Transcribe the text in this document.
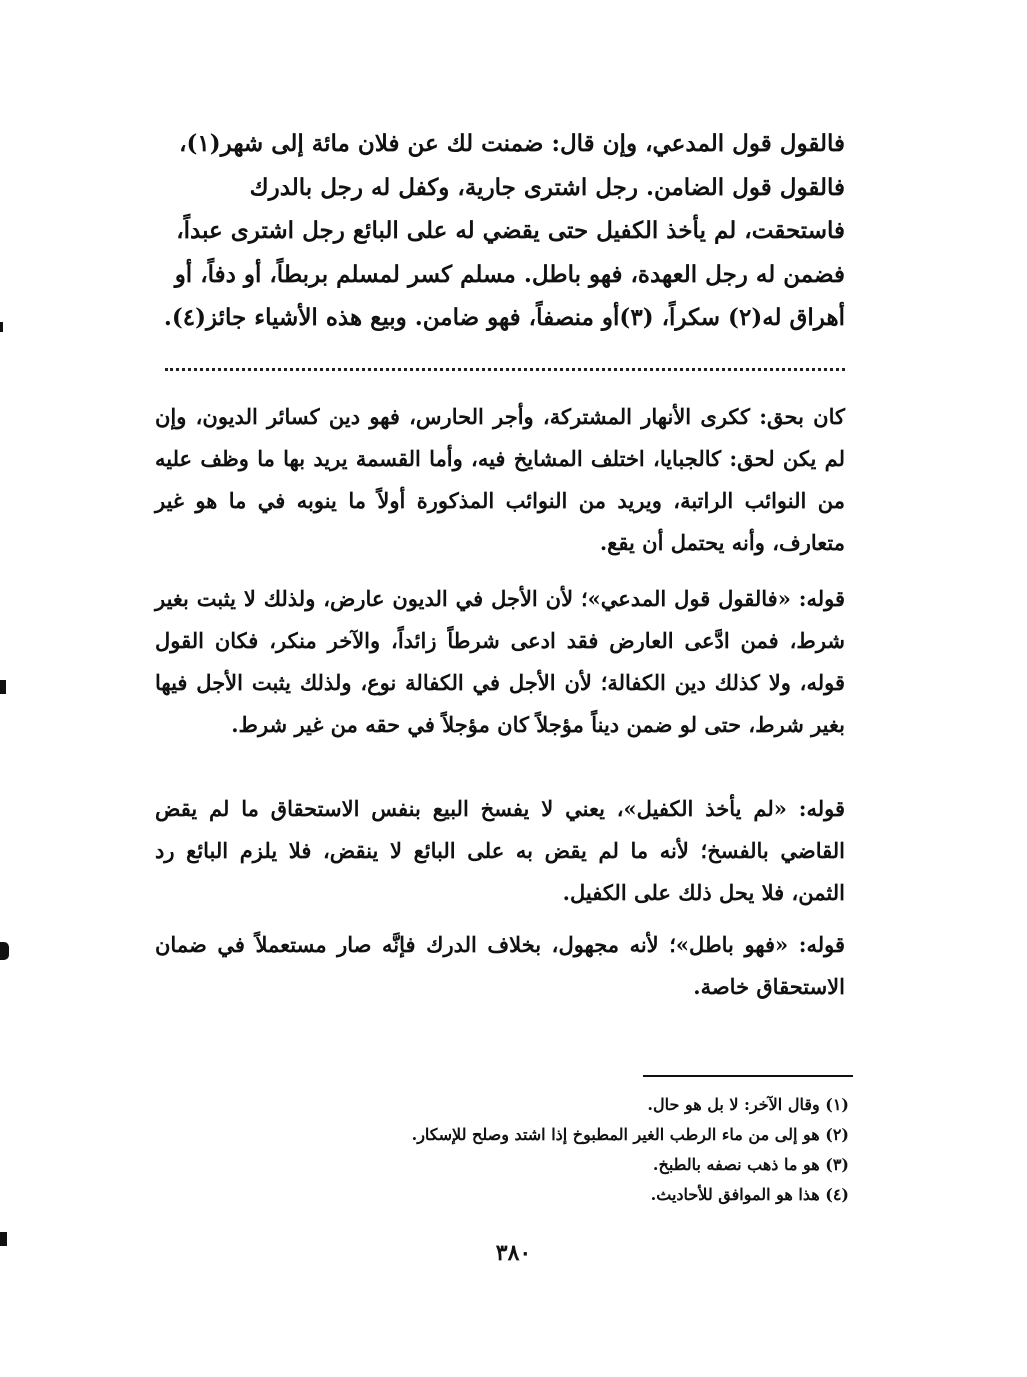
فالقول قول المدعي، وإن قال: ضمنت لك عن فلان مائة إلى شهر(١)،
فالقول قول الضامن. رجل اشترى جارية، وكفل له رجل بالدرك
فاستحقت، لم يأخذ الكفيل حتى يقضي له على البائع رجل اشترى عبداً،
فضمن له رجل العهدة، فهو باطل. مسلم كسر لمسلم بربطاً، أو دفاً، أو
أهراق له(٢) سكراً، (٣)أو منصفاً، فهو ضامن. وبيع هذه الأشياء جائز(٤).
كان بحق: ككرى الأنهار المشتركة، وأجر الحارس، فهو دين كسائر الديون، وإن لم يكن لحق: كالجبايا، اختلف المشايخ فيه، وأما القسمة يريد بها ما وظف عليه من النوائب الراتبة، ويريد من النوائب المذكورة أولاً ما ينوبه في ما هو غير متعارف، وأنه يحتمل أن يقع.
قوله: «فالقول قول المدعي»؛ لأن الأجل في الديون عارض، ولذلك لا يثبت بغير شرط، فمن ادَّعى العارض فقد ادعى شرطاً زائداً، والآخر منكر، فكان القول قوله، ولا كذلك دين الكفالة؛ لأن الأجل في الكفالة نوع، ولذلك يثبت الأجل فيها بغير شرط، حتى لو ضمن ديناً مؤجلاً كان مؤجلاً في حقه من غير شرط.
قوله: «لم يأخذ الكفيل»، يعني لا يفسخ البيع بنفس الاستحقاق ما لم يقض القاضي بالفسخ؛ لأنه ما لم يقض به على البائع لا ينقض، فلا يلزم البائع رد الثمن، فلا يحل ذلك على الكفيل.
قوله: «فهو باطل»؛ لأنه مجهول، بخلاف الدرك فإنَّه صار مستعملاً في ضمان الاستحقاق خاصة.
(١) وقال الآخر: لا بل هو حال.
(٢) هو إلى من ماء الرطب الغير المطبوخ إذا اشتد وصلح للإسكار.
(٣) هو ما ذهب نصفه بالطبخ.
(٤) هذا هو الموافق للأحاديث.
٣٨٠
